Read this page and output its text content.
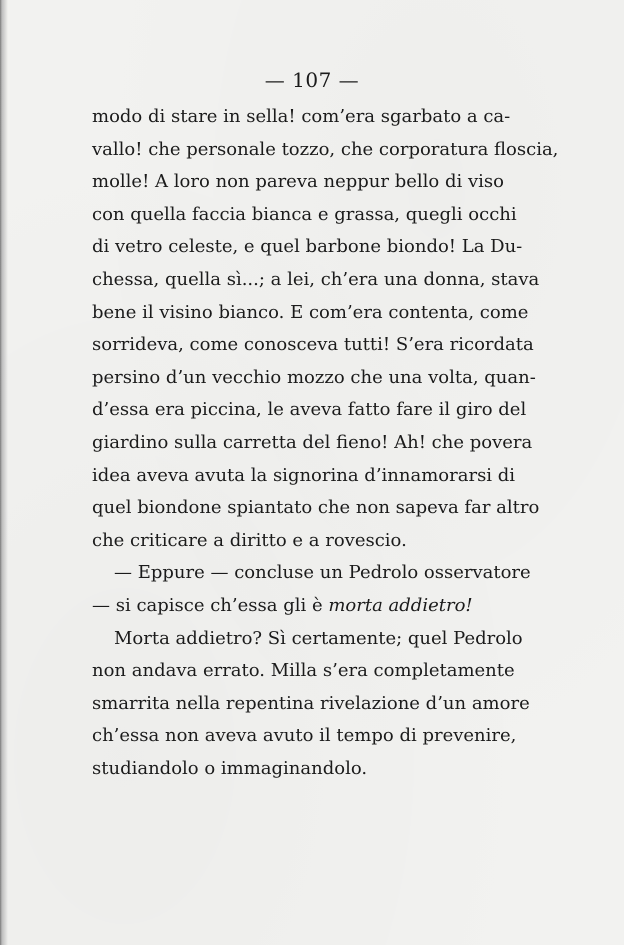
— 107 —
modo di stare in sella! com’era sgarbato a ca-
vallo! che personale tozzo, che corporatura floscia,
molle! A loro non pareva neppur bello di viso
con quella faccia bianca e grassa, quegli occhi
di vetro celeste, e quel barbone biondo! La Du-
chessa, quella sì...; a lei, ch’era una donna, stava
bene il visino bianco. E com’era contenta, come
sorrideva, come conosceva tutti! S’era ricordata
persino d’un vecchio mozzo che una volta, quan-
d’essa era piccina, le aveva fatto fare il giro del
giardino sulla carretta del fieno! Ah! che povera
idea aveva avuta la signorina d’innamorarsi di
quel biondone spiantato che non sapeva far altro
che criticare a diritto e a rovescio.
— Eppure — concluse un Pedrolo osservatore
— si capisce ch’essa gli è morta addietro!
Morta addietro? Sì certamente; quel Pedrolo
non andava errato. Milla s’era completamente
smarrita nella repentina rivelazione d’un amore
ch’essa non aveva avuto il tempo di prevenire,
studiandolo o immaginandolo.
